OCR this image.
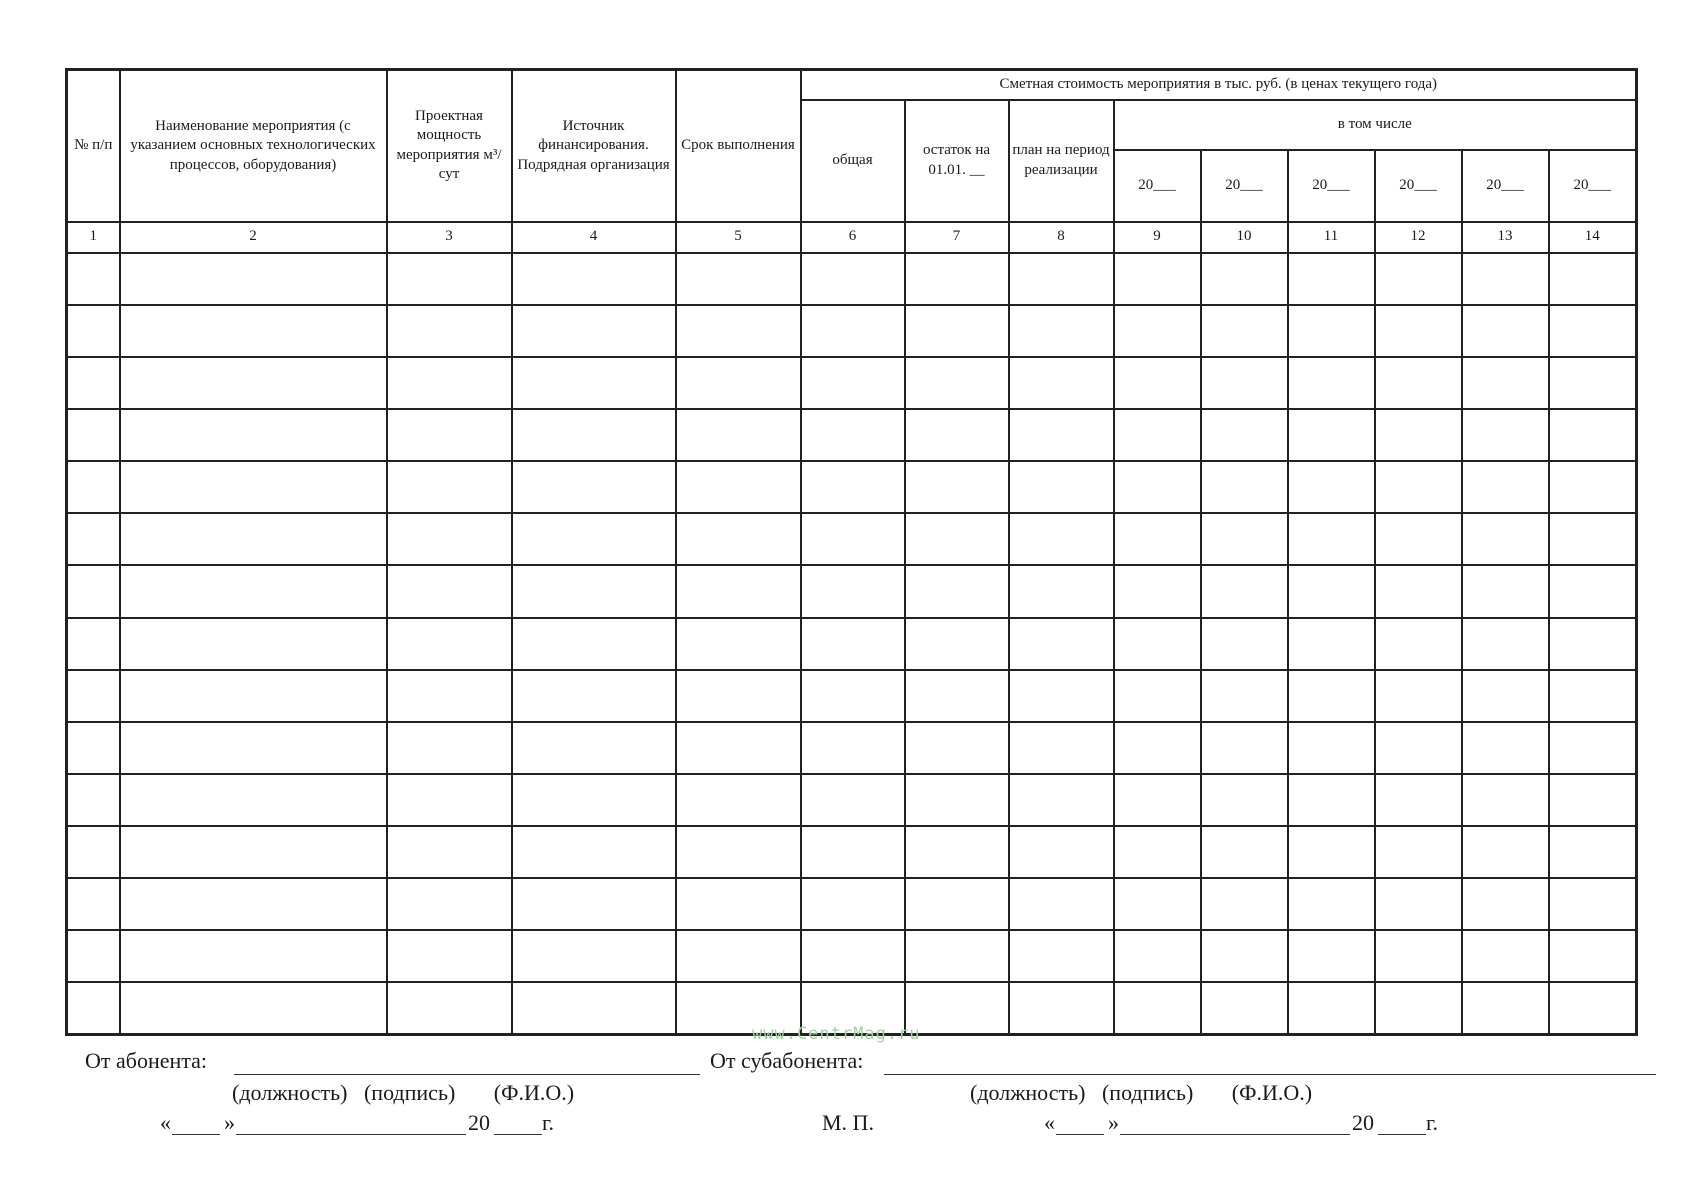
№ п/п	Наименование мероприятия (с указанием основных технологических процессов, оборудования)	Проектная мощность мероприятия м³/сут	Источник финансирования. Подрядная организация	Срок выполнения	Сметная стоимость мероприятия в тыс. руб. (в ценах текущего года)								
					общая	остаток на 01.01. __	план на период реализации	в том числе					
								20___	20___	20___	20___	20___	20___
1	2	3	4	5	6	7	8	9	10	11	12	13	14

www.CentrMag.ru
От абонента:
(должность)   (подпись)       (Ф.И.О.)
« »	20 г.	М. П.
От субабонента:
(должность)   (подпись)       (Ф.И.О.)
« »	20 г.
